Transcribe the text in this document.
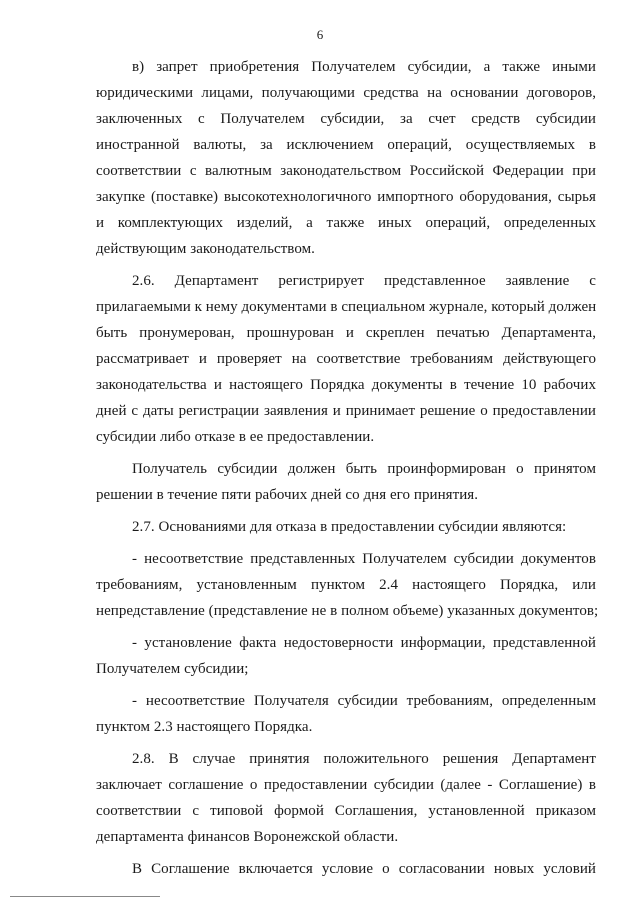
6
в) запрет приобретения Получателем субсидии, а также иными
юридическими лицами, получающими средства на основании договоров,
заключенных с Получателем субсидии, за счет средств субсидии
иностранной валюты, за исключением операций, осуществляемых в
соответствии с валютным законодательством Российской Федерации при
закупке (поставке) высокотехнологичного импортного оборудования, сырья
и комплектующих изделий, а также иных операций, определенных
действующим законодательством.
2.6. Департамент регистрирует представленное заявление с
прилагаемыми к нему документами в специальном журнале, который должен
быть пронумерован, прошнурован и скреплен печатью Департамента,
рассматривает и проверяет на соответствие требованиям действующего
законодательства и настоящего Порядка документы в течение 10 рабочих
дней с даты регистрации заявления и принимает решение о предоставлении
субсидии либо отказе в ее предоставлении.
Получатель субсидии должен быть проинформирован о принятом
решении в течение пяти рабочих дней со дня его принятия.
2.7. Основаниями для отказа в предоставлении субсидии являются:
- несоответствие представленных Получателем субсидии документов
требованиям, установленным пунктом 2.4 настоящего Порядка, или
непредставление (представление не в полном объеме) указанных документов;
- установление факта недостоверности информации, представленной
Получателем субсидии;
- несоответствие Получателя субсидии требованиям, определенным
пунктом 2.3 настоящего Порядка.
2.8. В случае принятия положительного решения Департамент
заключает соглашение о предоставлении субсидии (далее - Соглашение) в
соответствии с типовой формой Соглашения, установленной приказом
департамента финансов Воронежской области.
В Соглашение включается условие о согласовании новых условий
